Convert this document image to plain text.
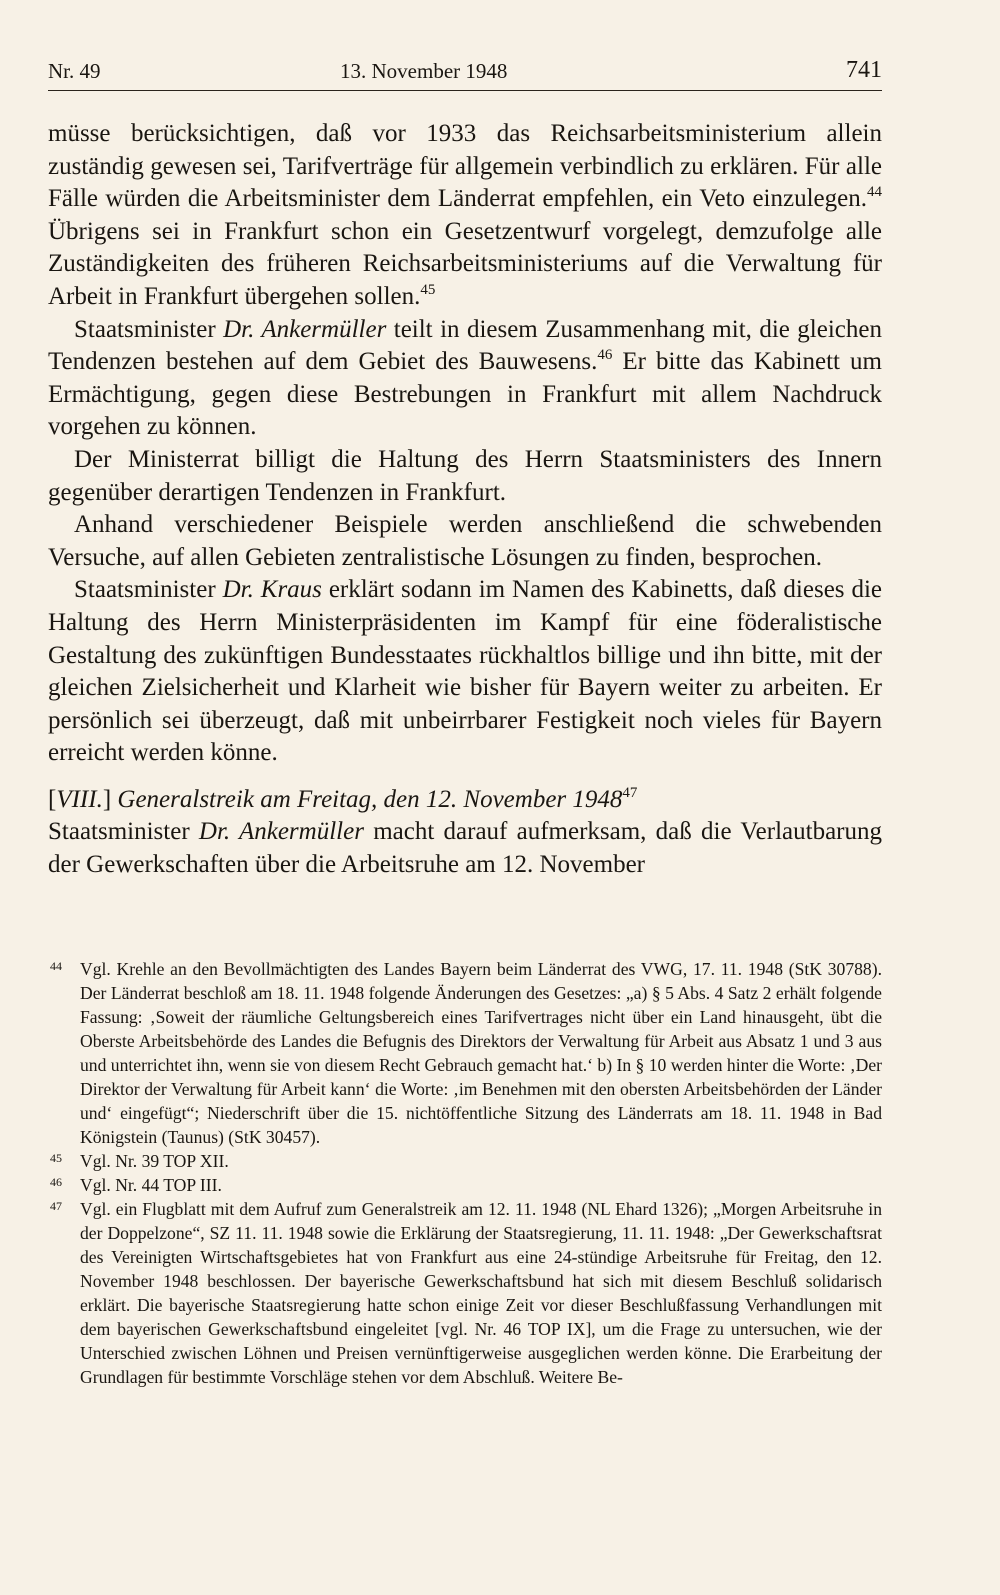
Nr. 49	13. November 1948	741

müsse berücksichtigen, daß vor 1933 das Reichsarbeitsministerium allein zuständig gewesen sei, Tarifverträge für allgemein verbindlich zu erklären. Für alle Fälle würden die Arbeitsminister dem Länderrat empfehlen, ein Veto einzulegen.$^{44}$ Übrigens sei in Frankfurt schon ein Gesetzentwurf vorgelegt, demzufolge alle Zuständigkeiten des früheren Reichsarbeitsministeriums auf die Verwaltung für Arbeit in Frankfurt übergehen sollen.$^{45}$

Staatsminister Dr. Ankermüller teilt in diesem Zusammenhang mit, die gleichen Tendenzen bestehen auf dem Gebiet des Bauwesens.$^{46}$ Er bitte das Kabinett um Ermächtigung, gegen diese Bestrebungen in Frankfurt mit allem Nachdruck vorgehen zu können.

Der Ministerrat billigt die Haltung des Herrn Staatsministers des Innern gegenüber derartigen Tendenzen in Frankfurt.

Anhand verschiedener Beispiele werden anschließend die schwebenden Versuche, auf allen Gebieten zentralistische Lösungen zu finden, besprochen.

Staatsminister Dr. Kraus erklärt sodann im Namen des Kabinetts, daß dieses die Haltung des Herrn Ministerpräsidenten im Kampf für eine föderalistische Gestaltung des zukünftigen Bundesstaates rückhaltlos billige und ihn bitte, mit der gleichen Zielsicherheit und Klarheit wie bisher für Bayern weiter zu arbeiten. Er persönlich sei überzeugt, daß mit unbeirrbarer Festigkeit noch vieles für Bayern erreicht werden könne.

[VIII.] Generalstreik am Freitag, den 12. November 1948$^{47}$

Staatsminister Dr. Ankermüller macht darauf aufmerksam, daß die Verlautbarung der Gewerkschaften über die Arbeitsruhe am 12. November

44 Vgl. Krehle an den Bevollmächtigten des Landes Bayern beim Länderrat des VWG, 17. 11. 1948 (StK 30788). Der Länderrat beschloß am 18. 11. 1948 folgende Änderungen des Gesetzes: „a) § 5 Abs. 4 Satz 2 erhält folgende Fassung: ‚Soweit der räumliche Geltungsbereich eines Tarifvertrages nicht über ein Land hinausgeht, übt die Oberste Arbeitsbehörde des Landes die Befugnis des Direktors der Verwaltung für Arbeit aus Absatz 1 und 3 aus und unterrichtet ihn, wenn sie von diesem Recht Gebrauch gemacht hat.‘ b) In § 10 werden hinter die Worte: ‚Der Direktor der Verwaltung für Arbeit kann‘ die Worte: ‚im Benehmen mit den obersten Arbeitsbehörden der Länder und‘ eingefügt“; Niederschrift über die 15. nichtöffentliche Sitzung des Länderrats am 18. 11. 1948 in Bad Königstein (Taunus) (StK 30457).
45 Vgl. Nr. 39 TOP XII.
46 Vgl. Nr. 44 TOP III.
47 Vgl. ein Flugblatt mit dem Aufruf zum Generalstreik am 12. 11. 1948 (NL Ehard 1326); „Morgen Arbeitsruhe in der Doppelzone“, SZ 11. 11. 1948 sowie die Erklärung der Staatsregierung, 11. 11. 1948: „Der Gewerkschaftsrat des Vereinigten Wirtschaftsgebietes hat von Frankfurt aus eine 24-stündige Arbeitsruhe für Freitag, den 12. November 1948 beschlossen. Der bayerische Gewerkschaftsbund hat sich mit diesem Beschluß solidarisch erklärt. Die bayerische Staatsregierung hatte schon einige Zeit vor dieser Beschlußfassung Verhandlungen mit dem bayerischen Gewerkschaftsbund eingeleitet [vgl. Nr. 46 TOP IX], um die Frage zu untersuchen, wie der Unterschied zwischen Löhnen und Preisen vernünftigerweise ausgeglichen werden könne. Die Erarbeitung der Grundlagen für bestimmte Vorschläge stehen vor dem Abschluß. Weitere Be-
